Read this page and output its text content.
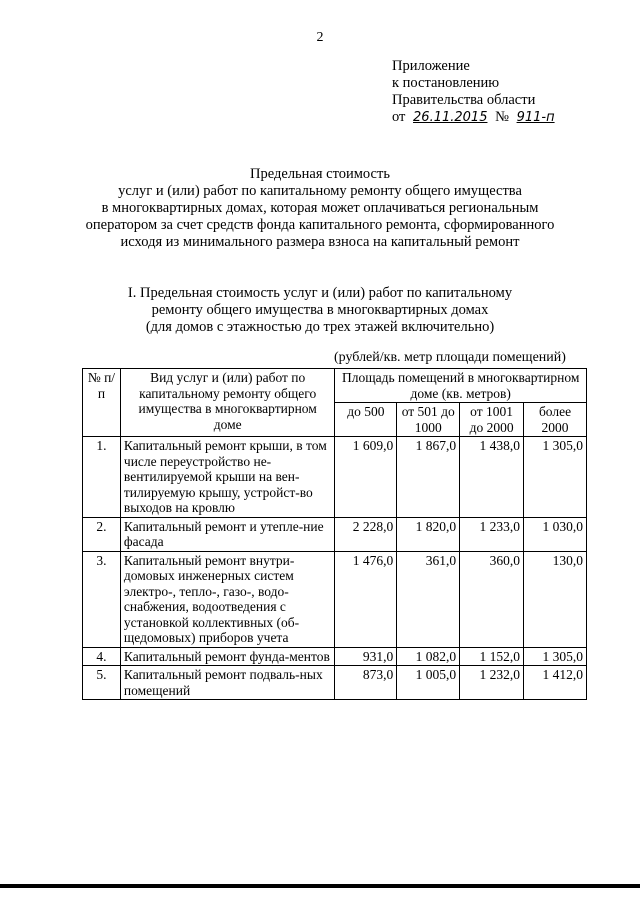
2
Приложение
к постановлению
Правительства области
от 26.11.2015 № 911-п
Предельная стоимость
услуг и (или) работ по капитальному ремонту общего имущества
в многоквартирных домах, которая может оплачиваться региональным
оператором за счет средств фонда капитального ремонта, сформированного
исходя из минимального размера взноса на капитальный ремонт
I. Предельная стоимость услуг и (или) работ по капитальному
ремонту общего имущества в многоквартирных домах
(для домов с этажностью до трех этажей включительно)
(рублей/кв. метр площади помещений)
№ п/п	Вид услуг и (или) работ по капитальному ремонту общего имущества в многоквартирном доме	Площадь помещений в многоквартирном доме (кв. метров)			
		до 500	от 501 до 1000	от 1001 до 2000	более 2000
1.	Капитальный ремонт крыши, в том числе переустройство не-вентилируемой крыши на вен-тилируемую крышу, устройст-во выходов на кровлю	1 609,0	1 867,0	1 438,0	1 305,0
2.	Капитальный ремонт и утепле-ние фасада	2 228,0	1 820,0	1 233,0	1 030,0
3.	Капитальный ремонт внутри-домовых инженерных систем электро-, тепло-, газо-, водо-снабжения, водоотведения с установкой коллективных (об-щедомовых) приборов учета	1 476,0	361,0	360,0	130,0
4.	Капитальный ремонт фунда-ментов	931,0	1 082,0	1 152,0	1 305,0
5.	Капитальный ремонт подваль-ных помещений	873,0	1 005,0	1 232,0	1 412,0
